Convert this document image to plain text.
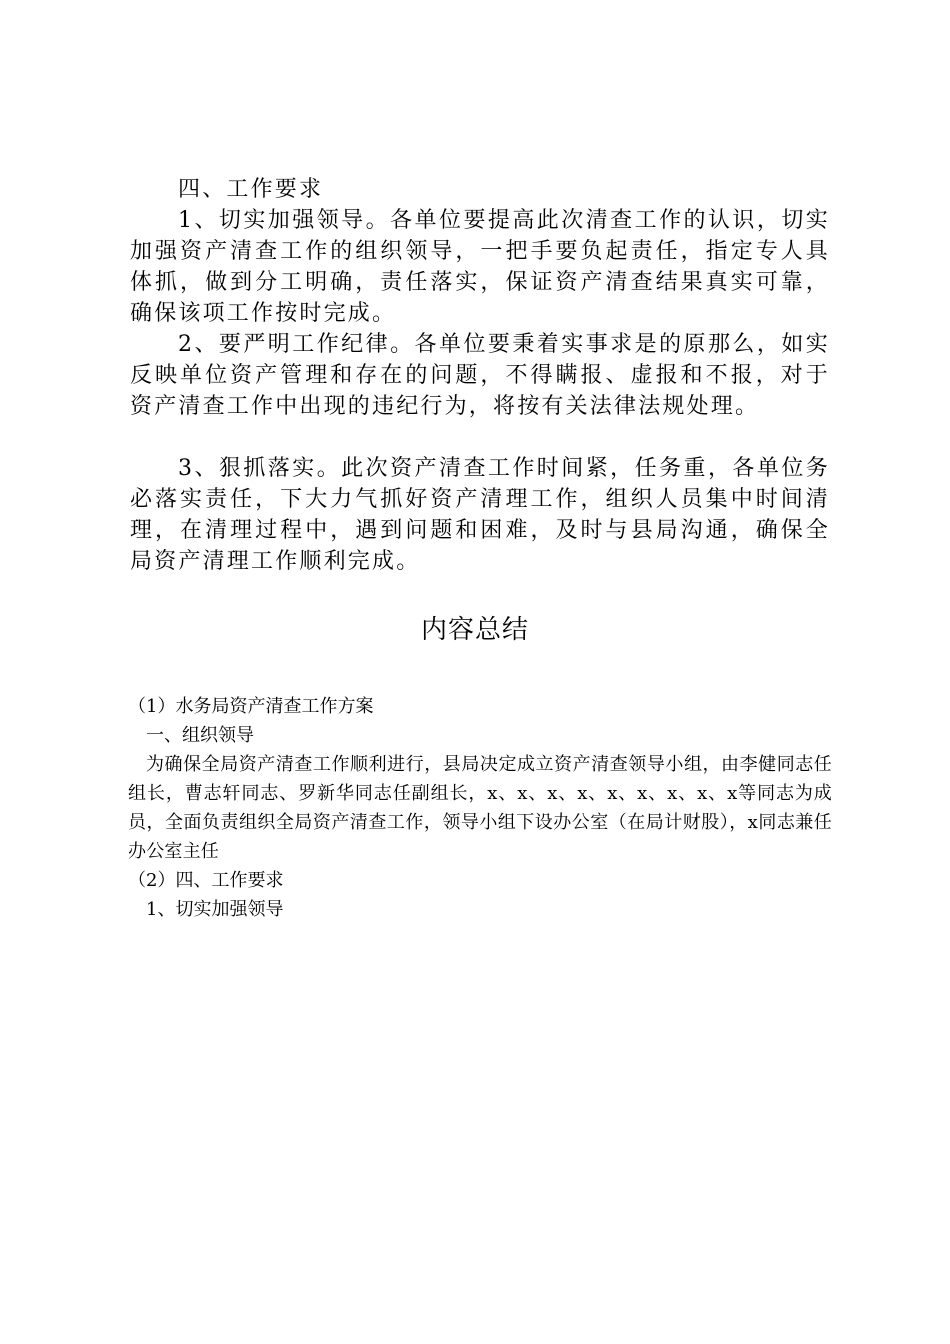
四、工作要求

1、切实加强领导。各单位要提高此次清查工作的认识，切实加强资产清查工作的组织领导，一把手要负起责任，指定专人具体抓，做到分工明确，责任落实，保证资产清查结果真实可靠，确保该项工作按时完成。

2、要严明工作纪律。各单位要秉着实事求是的原那么，如实反映单位资产管理和存在的问题，不得瞒报、虚报和不报，对于资产清查工作中出现的违纪行为，将按有关法律法规处理。

3、狠抓落实。此次资产清查工作时间紧，任务重，各单位务必落实责任，下大力气抓好资产清理工作，组织人员集中时间清理，在清理过程中，遇到问题和困难，及时与县局沟通，确保全局资产清理工作顺利完成。

内容总结

（1）水务局资产清查工作方案

一、组织领导

为确保全局资产清查工作顺利进行，县局决定成立资产清查领导小组，由李健同志任组长，曹志轩同志、罗新华同志任副组长，x、x、x、x、x、x、x、x、x等同志为成员，全面负责组织全局资产清查工作，领导小组下设办公室（在局计财股），x同志兼任办公室主任

（2）四、工作要求

1、切实加强领导
